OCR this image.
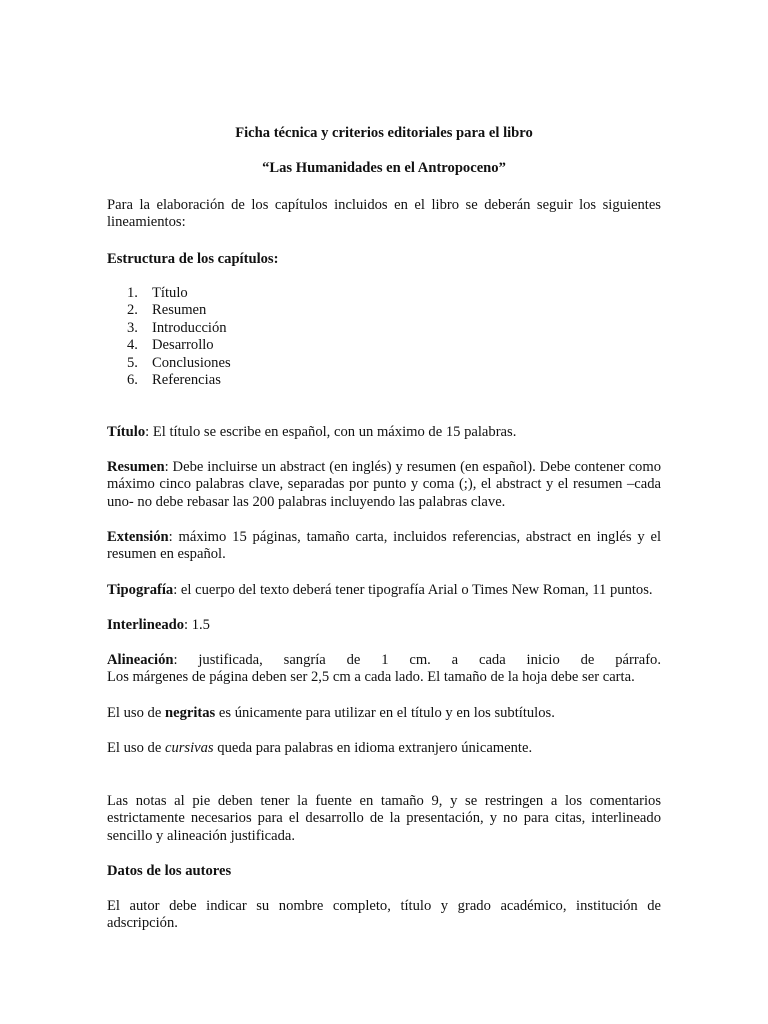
Ficha técnica y criterios editoriales para el libro
“Las Humanidades en el Antropoceno”

Para la elaboración de los capítulos incluidos en el libro se deberán seguir los siguientes lineamientos:

Estructura de los capítulos:
1. Título
2. Resumen
3. Introducción
4. Desarrollo
5. Conclusiones
6. Referencias

Título: El título se escribe en español, con un máximo de 15 palabras.

Resumen: Debe incluirse un abstract (en inglés) y resumen (en español). Debe contener como máximo cinco palabras clave, separadas por punto y coma (;), el abstract y el resumen –cada uno- no debe rebasar las 200 palabras incluyendo las palabras clave.

Extensión: máximo 15 páginas, tamaño carta, incluidos referencias, abstract en inglés y el resumen en español.

Tipografía: el cuerpo del texto deberá tener tipografía Arial o Times New Roman, 11 puntos.

Interlineado: 1.5

Alineación: justificada, sangría de 1 cm. a cada inicio de párrafo.
Los márgenes de página deben ser 2,5 cm a cada lado. El tamaño de la hoja debe ser carta.

El uso de negritas es únicamente para utilizar en el título y en los subtítulos.

El uso de cursivas queda para palabras en idioma extranjero únicamente.

Las notas al pie deben tener la fuente en tamaño 9, y se restringen a los comentarios estrictamente necesarios para el desarrollo de la presentación, y no para citas, interlineado sencillo y alineación justificada.

Datos de los autores

El autor debe indicar su nombre completo, título y grado académico, institución de adscripción.
